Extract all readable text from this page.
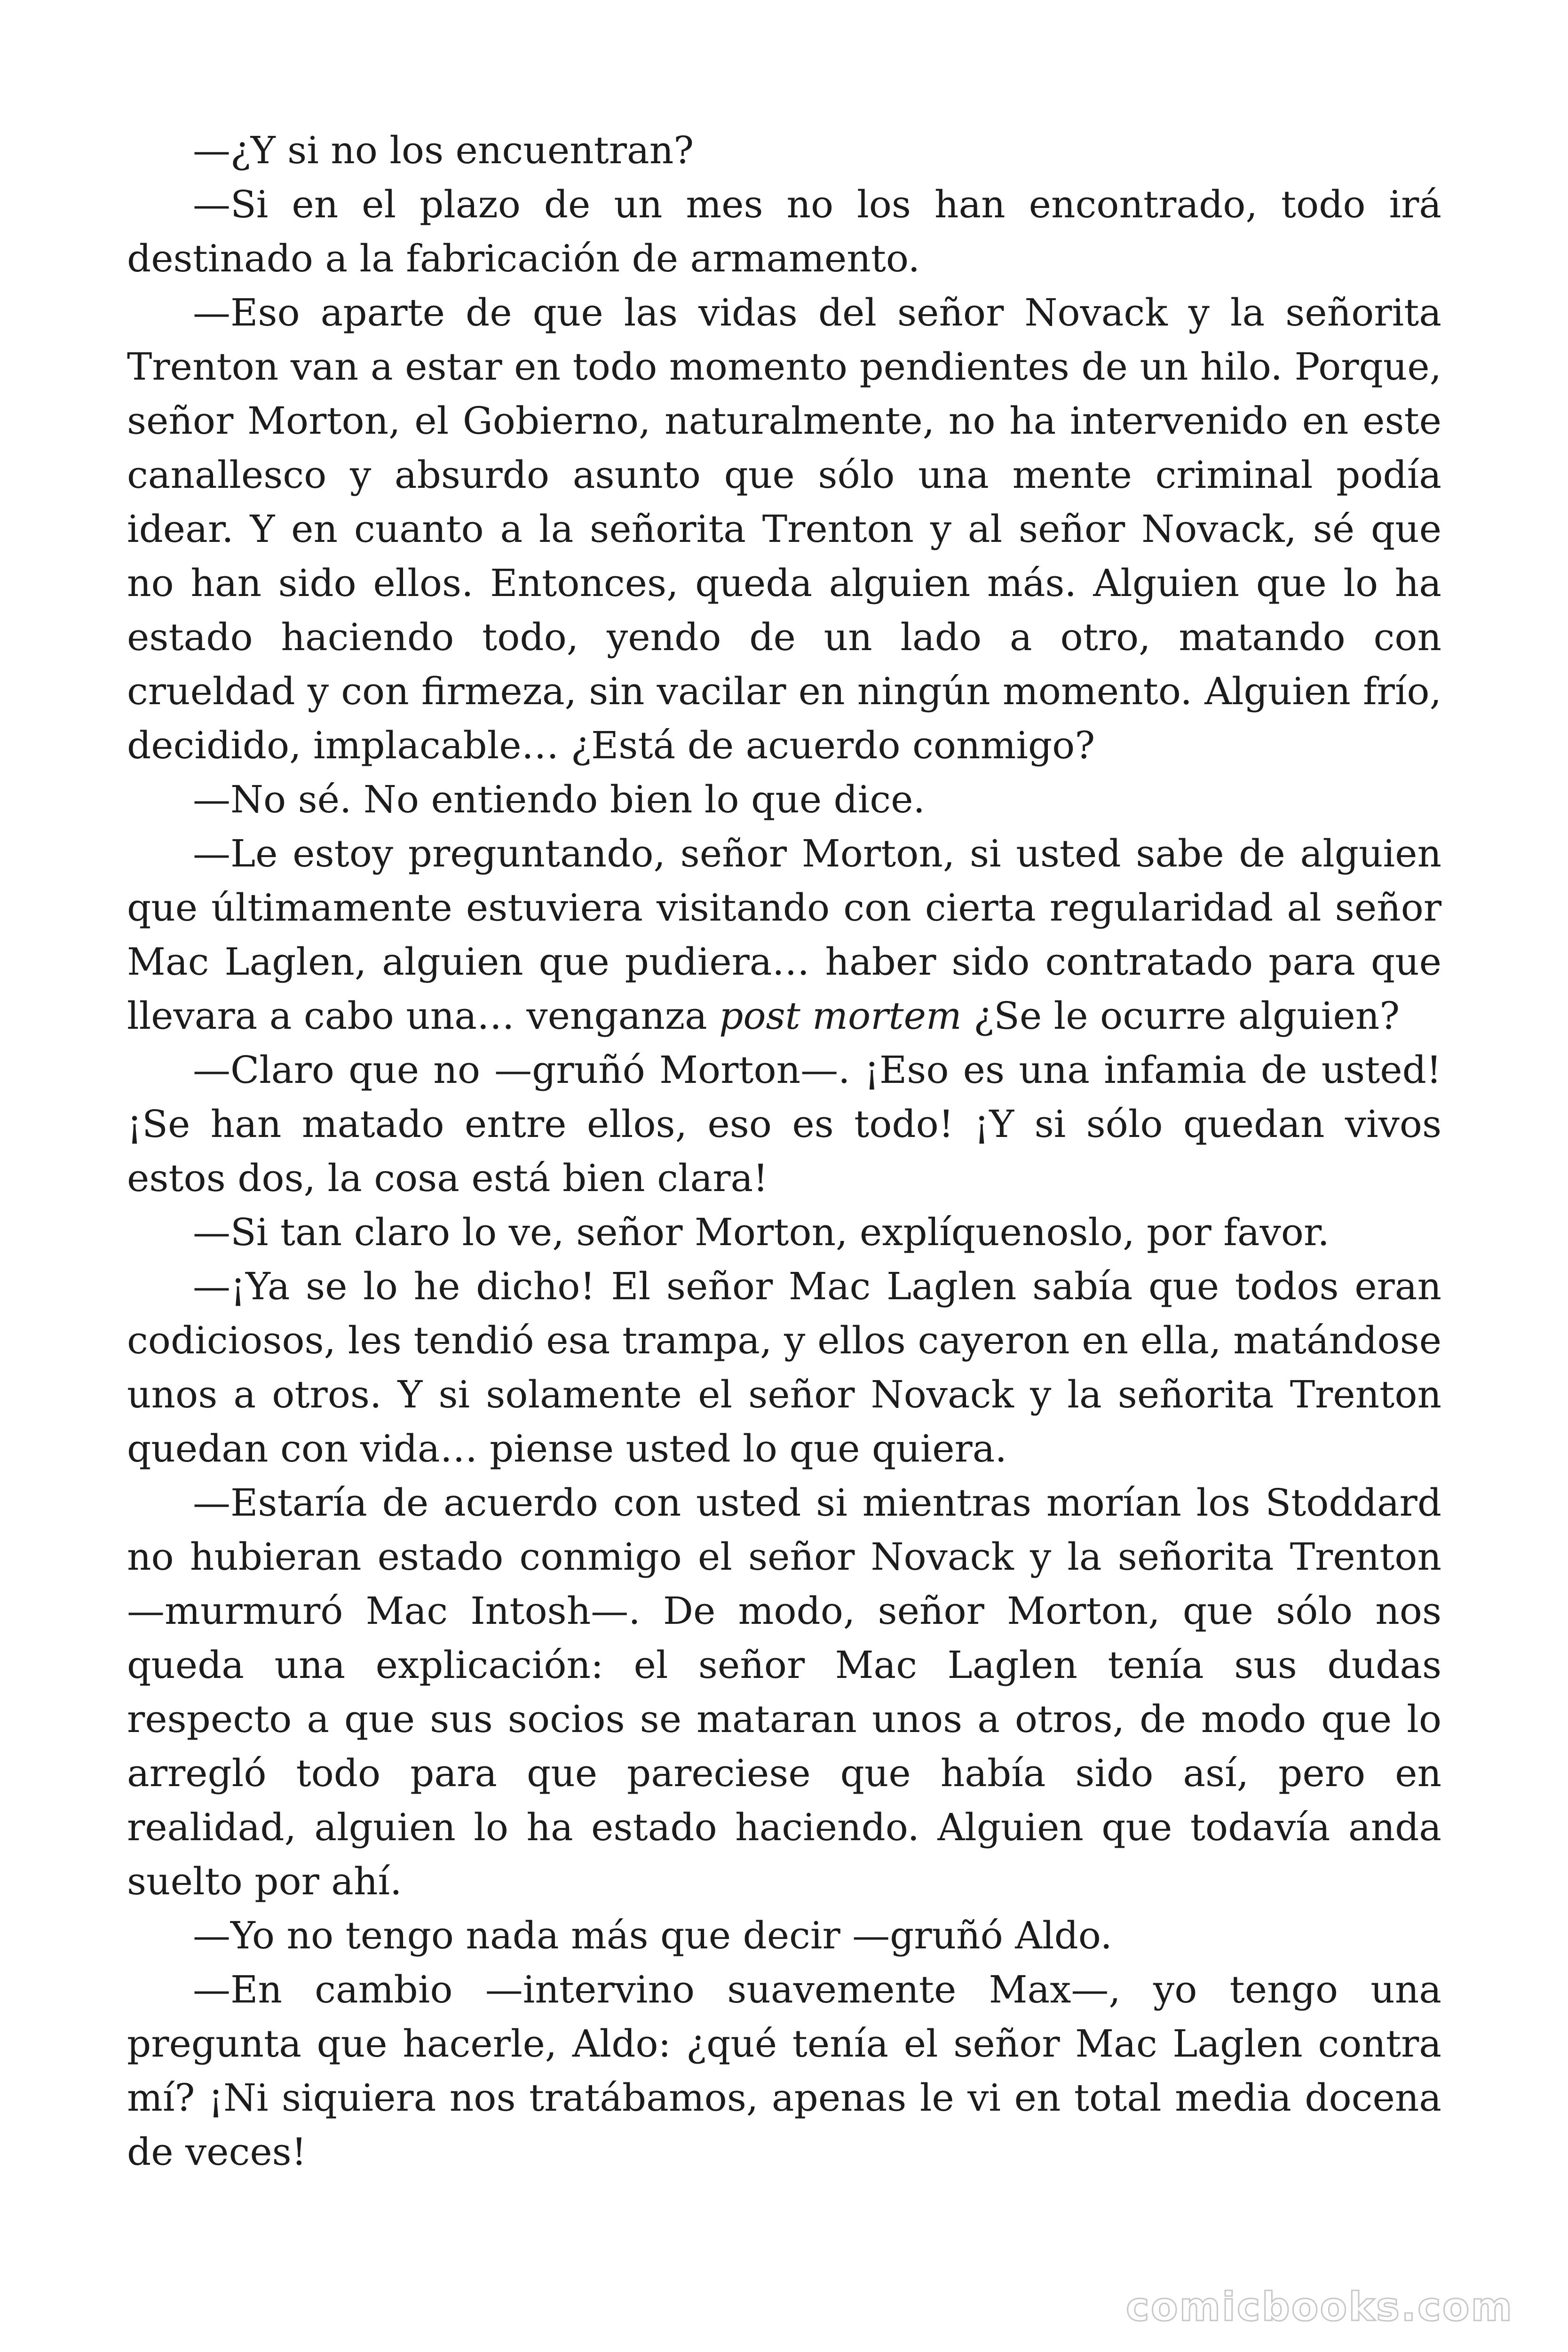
—¿Y si no los encuentran?

—Si en el plazo de un mes no los han encontrado, todo irá destinado a la fabricación de armamento.

—Eso aparte de que las vidas del señor Novack y la señorita Trenton van a estar en todo momento pendientes de un hilo. Porque, señor Morton, el Gobierno, naturalmente, no ha intervenido en este canallesco y absurdo asunto que sólo una mente criminal podía idear. Y en cuanto a la señorita Trenton y al señor Novack, sé que no han sido ellos. Entonces, queda alguien más. Alguien que lo ha estado haciendo todo, yendo de un lado a otro, matando con crueldad y con firmeza, sin vacilar en ningún momento. Alguien frío, decidido, implacable… ¿Está de acuerdo conmigo?

—No sé. No entiendo bien lo que dice.

—Le estoy preguntando, señor Morton, si usted sabe de alguien que últimamente estuviera visitando con cierta regularidad al señor Mac Laglen, alguien que pudiera… haber sido contratado para que llevara a cabo una… venganza post mortem ¿Se le ocurre alguien?

—Claro que no —gruñó Morton—. ¡Eso es una infamia de usted! ¡Se han matado entre ellos, eso es todo! ¡Y si sólo quedan vivos estos dos, la cosa está bien clara!

—Si tan claro lo ve, señor Morton, explíquenoslo, por favor.

—¡Ya se lo he dicho! El señor Mac Laglen sabía que todos eran codiciosos, les tendió esa trampa, y ellos cayeron en ella, matándose unos a otros. Y si solamente el señor Novack y la señorita Trenton quedan con vida… piense usted lo que quiera.

—Estaría de acuerdo con usted si mientras morían los Stoddard no hubieran estado conmigo el señor Novack y la señorita Trenton —murmuró Mac Intosh—. De modo, señor Morton, que sólo nos queda una explicación: el señor Mac Laglen tenía sus dudas respecto a que sus socios se mataran unos a otros, de modo que lo arregló todo para que pareciese que había sido así, pero en realidad, alguien lo ha estado haciendo. Alguien que todavía anda suelto por ahí.

—Yo no tengo nada más que decir —gruñó Aldo.

—En cambio —intervino suavemente Max—, yo tengo una pregunta que hacerle, Aldo: ¿qué tenía el señor Mac Laglen contra mí? ¡Ni siquiera nos tratábamos, apenas le vi en total media docena de veces!

comicbooks.com
